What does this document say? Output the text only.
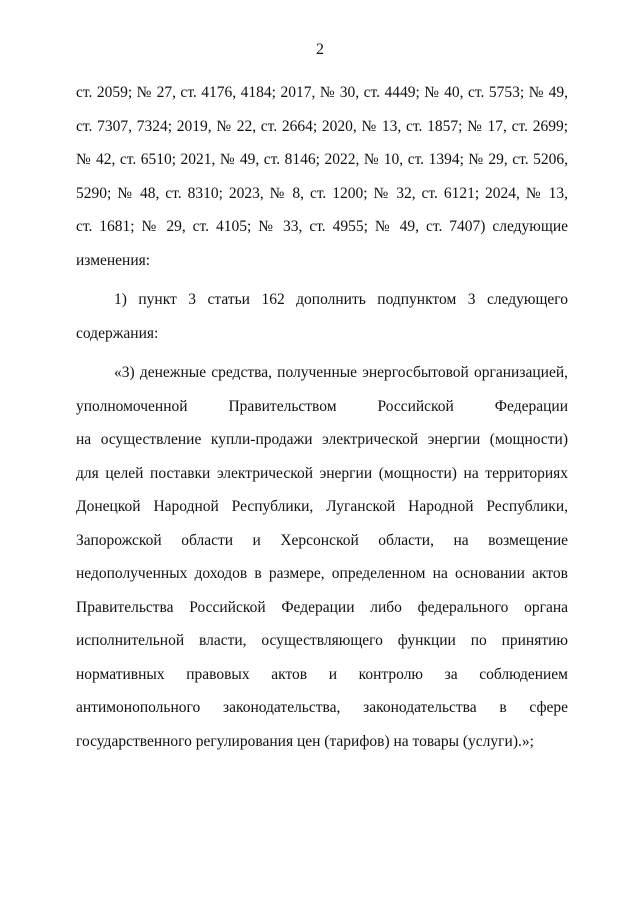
2
ст. 2059; № 27, ст. 4176, 4184; 2017, № 30, ст. 4449; № 40, ст. 5753; № 49,
ст. 7307, 7324; 2019, № 22, ст. 2664; 2020, № 13, ст. 1857; № 17, ст. 2699;
№ 42, ст. 6510; 2021, № 49, ст. 8146; 2022, № 10, ст. 1394; № 29, ст. 5206,
5290; № 48, ст. 8310; 2023, № 8, ст. 1200; № 32, ст. 6121; 2024, № 13,
ст. 1681; № 29, ст. 4105; № 33, ст. 4955; № 49, ст. 7407) следующие
изменения:
1) пункт 3 статьи 162 дополнить подпунктом 3 следующего
содержания:
«3) денежные средства, полученные энергосбытовой организацией,
уполномоченной Правительством Российской Федерации
на осуществление купли-продажи электрической энергии (мощности)
для целей поставки электрической энергии (мощности) на территориях
Донецкой Народной Республики, Луганской Народной Республики,
Запорожской области и Херсонской области, на возмещение
недополученных доходов в размере, определенном на основании актов
Правительства Российской Федерации либо федерального органа
исполнительной власти, осуществляющего функции по принятию
нормативных правовых актов и контролю за соблюдением
антимонопольного законодательства, законодательства в сфере
государственного регулирования цен (тарифов) на товары (услуги).»;
